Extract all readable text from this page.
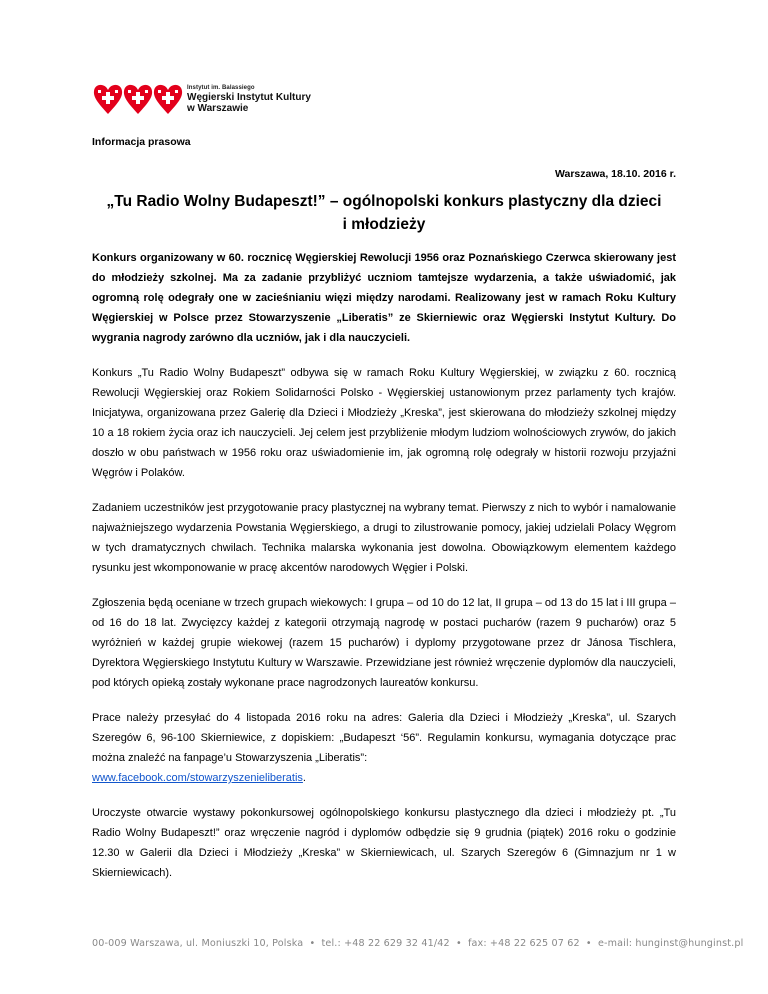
Instytut im. Balassiego
Węgierski Instytut Kultury
w Warszawie
Informacja prasowa
Warszawa, 18.10. 2016 r.
„Tu Radio Wolny Budapeszt!” – ogólnopolski konkurs plastyczny dla dzieci
i młodzieży

Konkurs organizowany w 60. rocznicę Węgierskiej Rewolucji 1956 oraz Poznańskiego Czerwca skierowany jest do młodzieży szkolnej. Ma za zadanie przybliżyć uczniom tamtejsze wydarzenia, a także uświadomić, jak ogromną rolę odegrały one w zacieśnianiu więzi między narodami. Realizowany jest w ramach Roku Kultury Węgierskiej w Polsce przez Stowarzyszenie „Liberatis” ze Skierniewic oraz Węgierski Instytut Kultury. Do wygrania nagrody zarówno dla uczniów, jak i dla nauczycieli.

Konkurs „Tu Radio Wolny Budapeszt” odbywa się w ramach Roku Kultury Węgierskiej, w związku z 60. rocznicą Rewolucji Węgierskiej oraz Rokiem Solidarności Polsko - Węgierskiej ustanowionym przez parlamenty tych krajów. Inicjatywa, organizowana przez Galerię dla Dzieci i Młodzieży „Kreska”, jest skierowana do młodzieży szkolnej między 10 a 18 rokiem życia oraz ich nauczycieli. Jej celem jest przybliżenie młodym ludziom wolnościowych zrywów, do jakich doszło w obu państwach w 1956 roku oraz uświadomienie im, jak ogromną rolę odegrały w historii rozwoju przyjaźni Węgrów i Polaków.

Zadaniem uczestników jest przygotowanie pracy plastycznej na wybrany temat. Pierwszy z nich to wybór i namalowanie najważniejszego wydarzenia Powstania Węgierskiego, a drugi to zilustrowanie pomocy, jakiej udzielali Polacy Węgrom w tych dramatycznych chwilach. Technika malarska wykonania jest dowolna. Obowiązkowym elementem każdego rysunku jest wkomponowanie w pracę akcentów narodowych Węgier i Polski.

Zgłoszenia będą oceniane w trzech grupach wiekowych: I grupa – od 10 do 12 lat, II grupa – od 13 do 15 lat i III grupa – od 16 do 18 lat. Zwycięzcy każdej z kategorii otrzymają nagrodę w postaci pucharów (razem 9 pucharów) oraz 5 wyróżnień w każdej grupie wiekowej (razem 15 pucharów) i dyplomy przygotowane przez dr Jánosa Tischlera, Dyrektora Węgierskiego Instytutu Kultury w Warszawie. Przewidziane jest również wręczenie dyplomów dla nauczycieli, pod których opieką zostały wykonane prace nagrodzonych laureatów konkursu.

Prace należy przesyłać do 4 listopada 2016 roku na adres: Galeria dla Dzieci i Młodzieży „Kreska”, ul. Szarych Szeregów 6, 96-100 Skierniewice, z dopiskiem: „Budapeszt ‘56”. Regulamin konkursu, wymagania dotyczące prac można znaleźć na fanpage’u Stowarzyszenia „Liberatis”:
www.facebook.com/stowarzyszenieliberatis.

Uroczyste otwarcie wystawy pokonkursowej ogólnopolskiego konkursu plastycznego dla dzieci i młodzieży pt. „Tu Radio Wolny Budapeszt!” oraz wręczenie nagród i dyplomów odbędzie się 9 grudnia (piątek) 2016 roku o godzinie 12.30 w Galerii dla Dzieci i Młodzieży „Kreska” w Skierniewicach, ul. Szarych Szeregów 6 (Gimnazjum nr 1 w Skierniewicach).

00-009 Warszawa, ul. Moniuszki 10, Polska • tel.: +48 22 629 32 41/42 • fax: +48 22 625 07 62 • e-mail: hunginst@hunginst.pl
